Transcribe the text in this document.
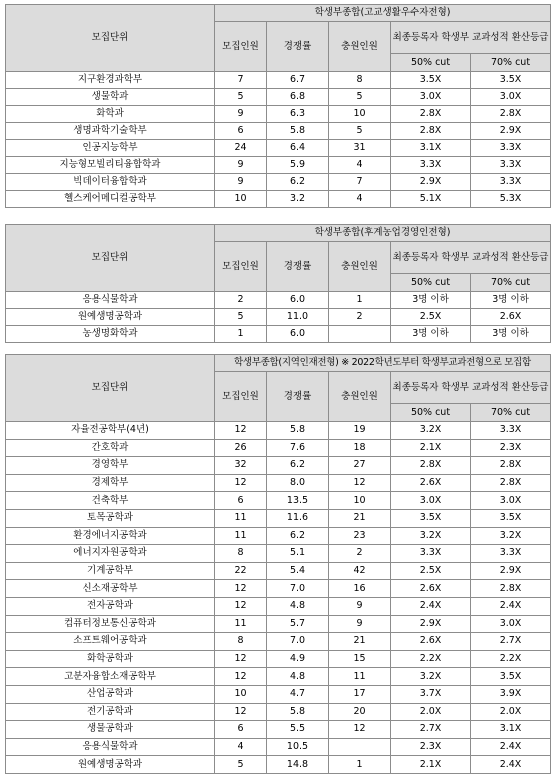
모집단위	학생부종합(고교생활우수자전형)				
	모집인원	경쟁률	충원인원	최종등록자 학생부 교과성적 환산등급	
				50% cut	70% cut
지구환경과학부	7	6.7	8	3.5X	3.5X
생물학과	5	6.8	5	3.0X	3.0X
화학과	9	6.3	10	2.8X	2.8X
생명과학기술학부	6	5.8	5	2.8X	2.9X
인공지능학부	24	6.4	31	3.1X	3.3X
지능형모빌리티융합학과	9	5.9	4	3.3X	3.3X
빅데이터융합학과	9	6.2	7	2.9X	3.3X
헬스케어메디컬공학부	10	3.2	4	5.1X	5.3X
모집단위	학생부종합(후계농업경영인전형)				
	모집인원	경쟁률	충원인원	최종등록자 학생부 교과성적 환산등급	
				50% cut	70% cut
응용식물학과	2	6.0	1	3명 이하	3명 이하
원예생명공학과	5	11.0	2	2.5X	2.6X
농생명화학과	1	6.0		3명 이하	3명 이하
모집단위	학생부종합(지역인재전형) ※ 2022학년도부터 학생부교과전형으로 모집함				
	모집인원	경쟁률	충원인원	최종등록자 학생부 교과성적 환산등급	
				50% cut	70% cut
자율전공학부(4년)	12	5.8	19	3.2X	3.3X
간호학과	26	7.6	18	2.1X	2.3X
경영학부	32	6.2	27	2.8X	2.8X
경제학부	12	8.0	12	2.6X	2.8X
건축학부	6	13.5	10	3.0X	3.0X
토목공학과	11	11.6	21	3.5X	3.5X
환경에너지공학과	11	6.2	23	3.2X	3.2X
에너지자원공학과	8	5.1	2	3.3X	3.3X
기계공학부	22	5.4	42	2.5X	2.9X
신소재공학부	12	7.0	16	2.6X	2.8X
전자공학과	12	4.8	9	2.4X	2.4X
컴퓨터정보통신공학과	11	5.7	9	2.9X	3.0X
소프트웨어공학과	8	7.0	21	2.6X	2.7X
화학공학과	12	4.9	15	2.2X	2.2X
고분자융합소재공학부	12	4.8	11	3.2X	3.5X
산업공학과	10	4.7	17	3.7X	3.9X
전기공학과	12	5.8	20	2.0X	2.0X
생물공학과	6	5.5	12	2.7X	3.1X
응용식물학과	4	10.5		2.3X	2.4X
원예생명공학과	5	14.8	1	2.1X	2.4X
